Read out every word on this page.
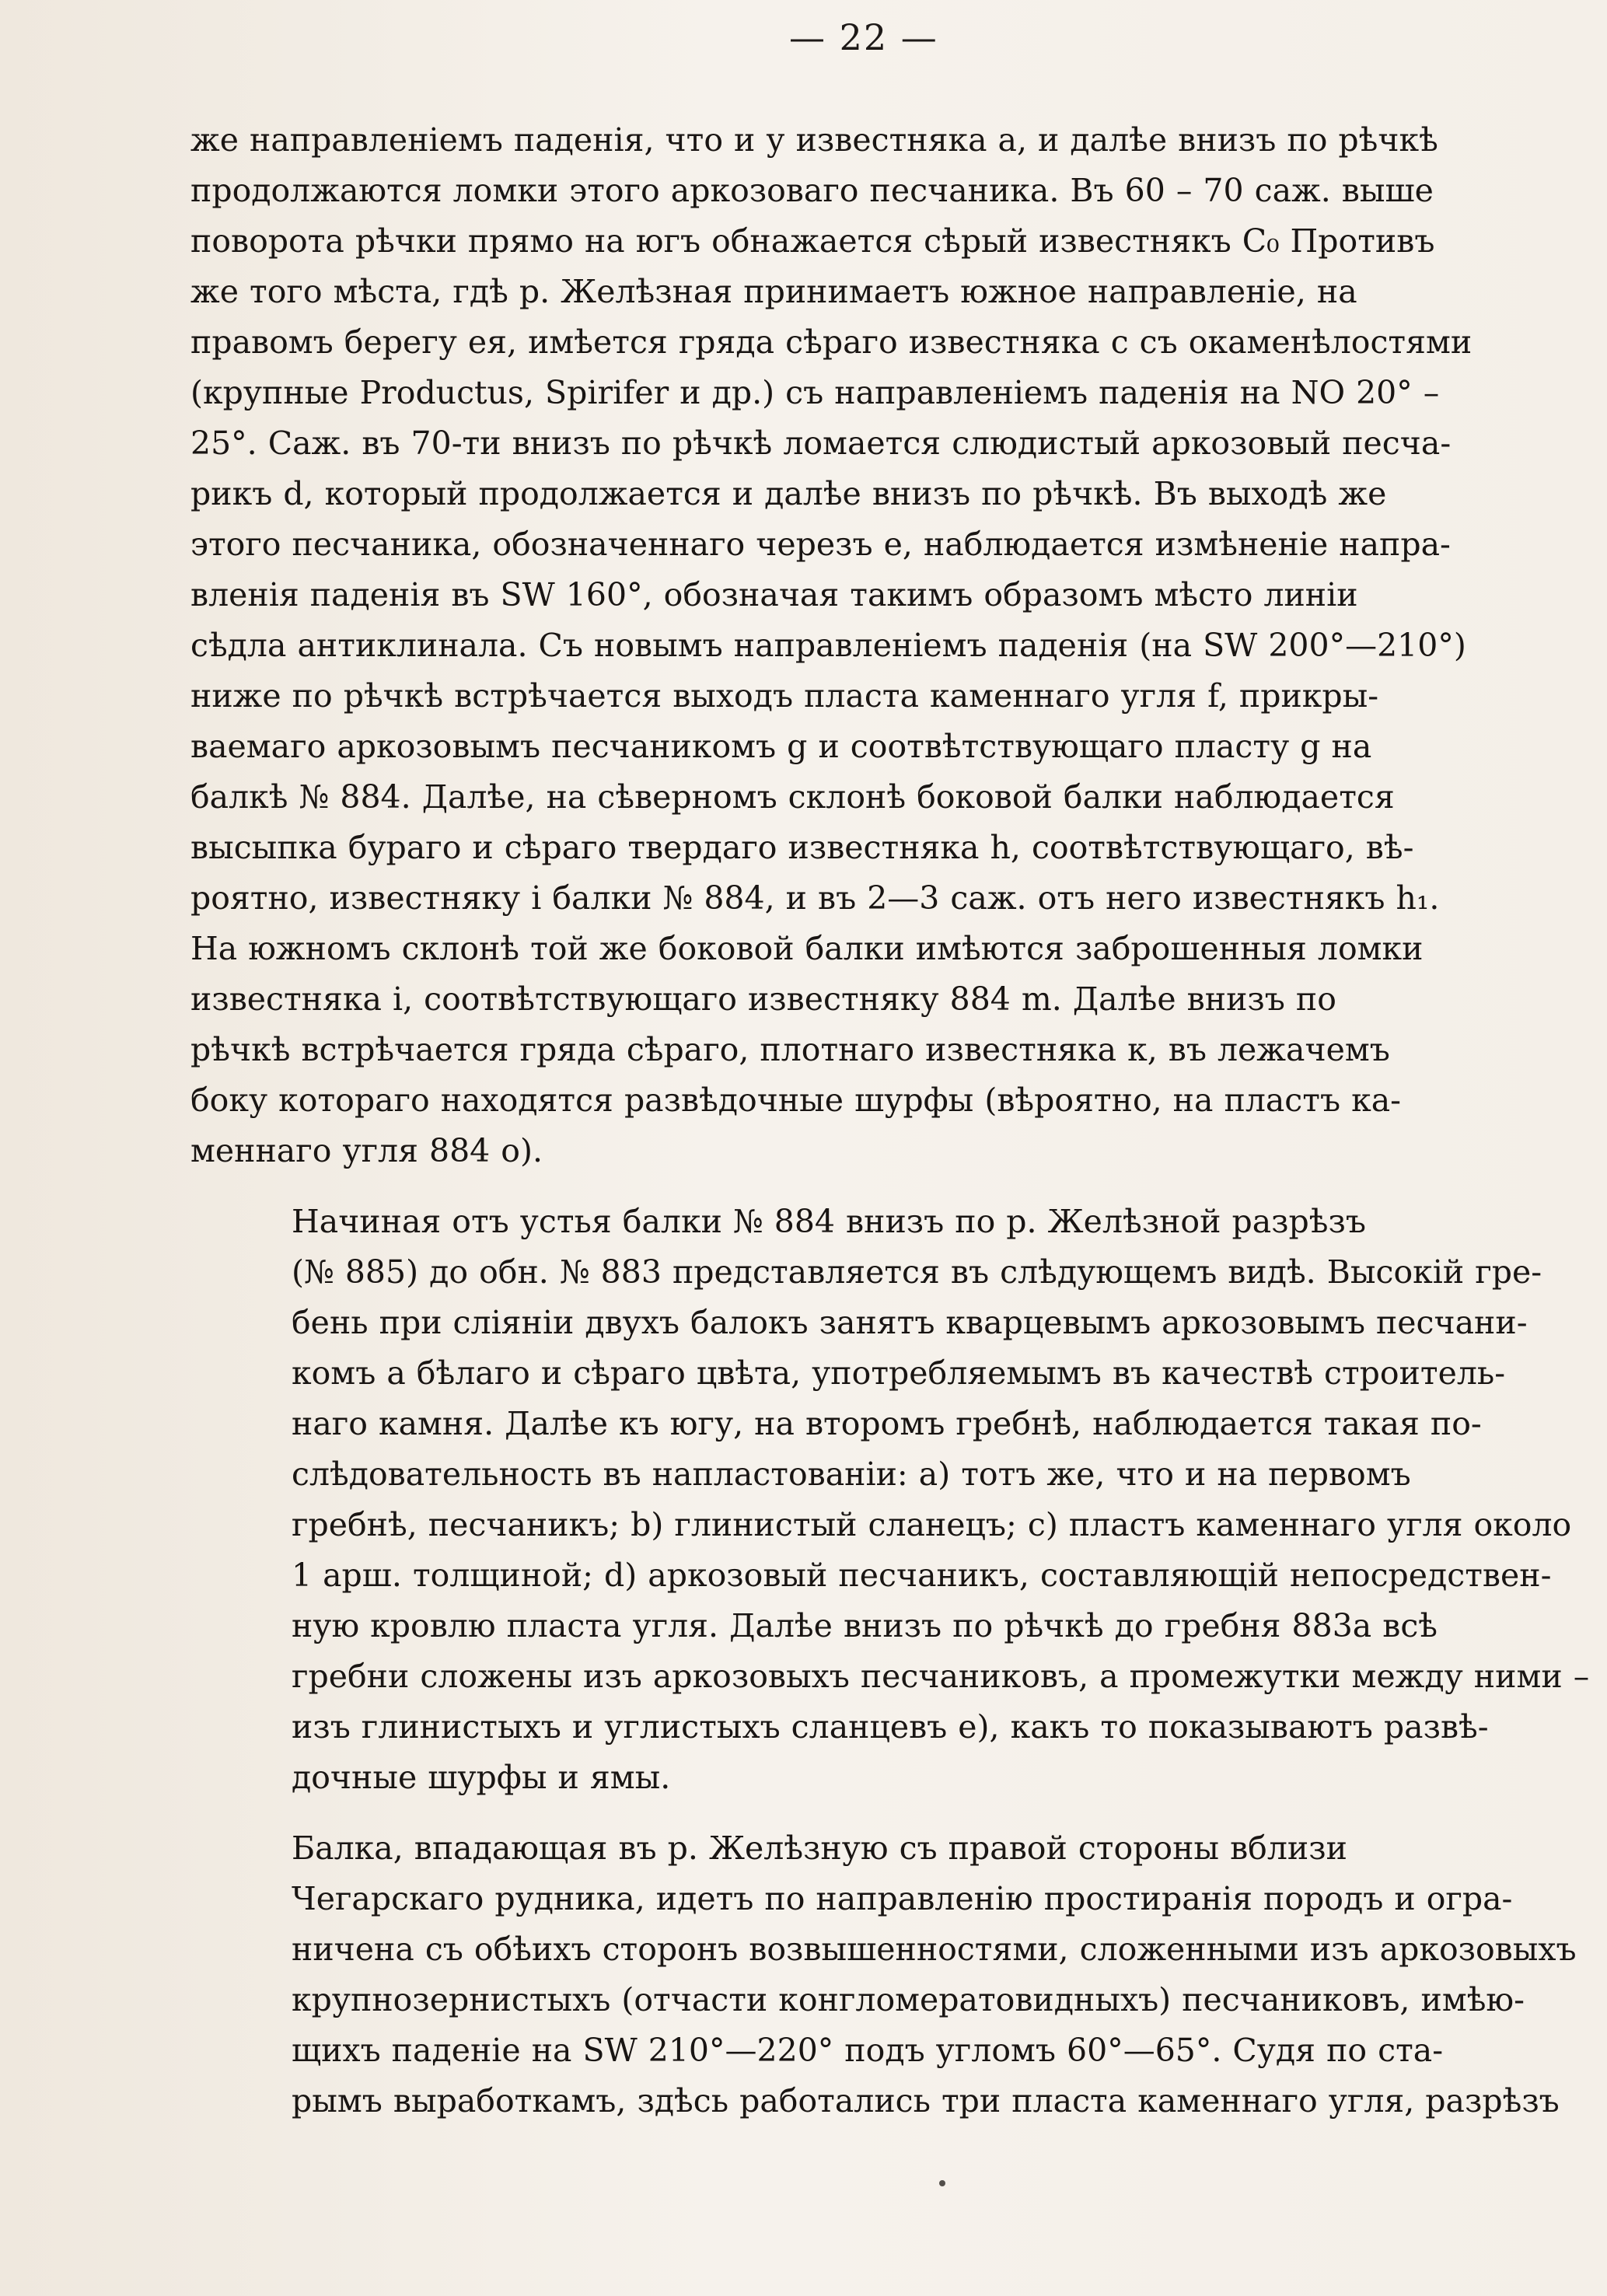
— 22 —
же направленіемъ паденія, что и у известняка а, и далѣе внизъ по рѣчкѣ
продолжаются ломки этого аркозоваго песчаника. Въ 60 – 70 саж. выше
поворота рѣчки прямо на югъ обнажается сѣрый известнякъ C₀ Противъ
же того мѣста, гдѣ р. Желѣзная принимаетъ южное направленіе, на
правомъ берегу ея, имѣется гряда сѣраго известняка с съ окаменѣлостями
(крупные Productus, Spirifer и др.) съ направленіемъ паденія на NO 20° –
25°. Саж. въ 70-ти внизъ по рѣчкѣ ломается слюдистый аркозовый песча-
рикъ d, который продолжается и далѣе внизъ по рѣчкѣ. Въ выходѣ же
этого песчаника, обозначеннаго черезъ е, наблюдается измѣненіе напра-
вленія паденія въ SW 160°, обозначая такимъ образомъ мѣсто линіи
сѣдла антиклинала. Съ новымъ направленіемъ паденія (на SW 200°—210°)
ниже по рѣчкѣ встрѣчается выходъ пласта каменнаго угля f, прикры-
ваемаго аркозовымъ песчаникомъ g и соотвѣтствующаго пласту g на
балкѣ № 884. Далѣе, на сѣверномъ склонѣ боковой балки наблюдается
высыпка бураго и сѣраго твердаго известняка h, соотвѣтствующаго, вѣ-
роятно, известняку і балки № 884, и въ 2—3 саж. отъ него известнякъ h₁.
На южномъ склонѣ той же боковой балки имѣются заброшенныя ломки
известняка і, соотвѣтствующаго известняку 884 m. Далѣе внизъ по
рѣчкѣ встрѣчается гряда сѣраго, плотнаго известняка к, въ лежачемъ
боку котораго находятся развѣдочные шурфы (вѣроятно, на пластъ ка-
меннаго угля 884 о).
Начиная отъ устья балки № 884 внизъ по р. Желѣзной разрѣзъ
(№ 885) до обн. № 883 представляется въ слѣдующемъ видѣ. Высокій гре-
бень при сліяніи двухъ балокъ занятъ кварцевымъ аркозовымъ песчани-
комъ а бѣлаго и сѣраго цвѣта, употребляемымъ въ качествѣ строитель-
наго камня. Далѣе къ югу, на второмъ гребнѣ, наблюдается такая по-
слѣдовательность въ напластованіи: а) тотъ же, что и на первомъ
гребнѣ, песчаникъ; b) глинистый сланецъ; с) пластъ каменнаго угля около
1 арш. толщиной; d) аркозовый песчаникъ, составляющій непосредствен-
ную кровлю пласта угля. Далѣе внизъ по рѣчкѣ до гребня 883а всѣ
гребни сложены изъ аркозовыхъ песчаниковъ, а промежутки между ними –
изъ глинистыхъ и углистыхъ сланцевъ е), какъ то показываютъ развѣ-
дочные шурфы и ямы.
Балка, впадающая въ р. Желѣзную съ правой стороны вблизи
Чегарскаго рудника, идетъ по направленію простиранія породъ и огра-
ничена съ обѣихъ сторонъ возвышенностями, сложенными изъ аркозовыхъ
крупнозернистыхъ (отчасти конгломератовидныхъ) песчаниковъ, имѣю-
щихъ паденіе на SW 210°—220° подъ угломъ 60°—65°. Судя по ста-
рымъ выработкамъ, здѣсь работались три пласта каменнаго угля, разрѣзъ
